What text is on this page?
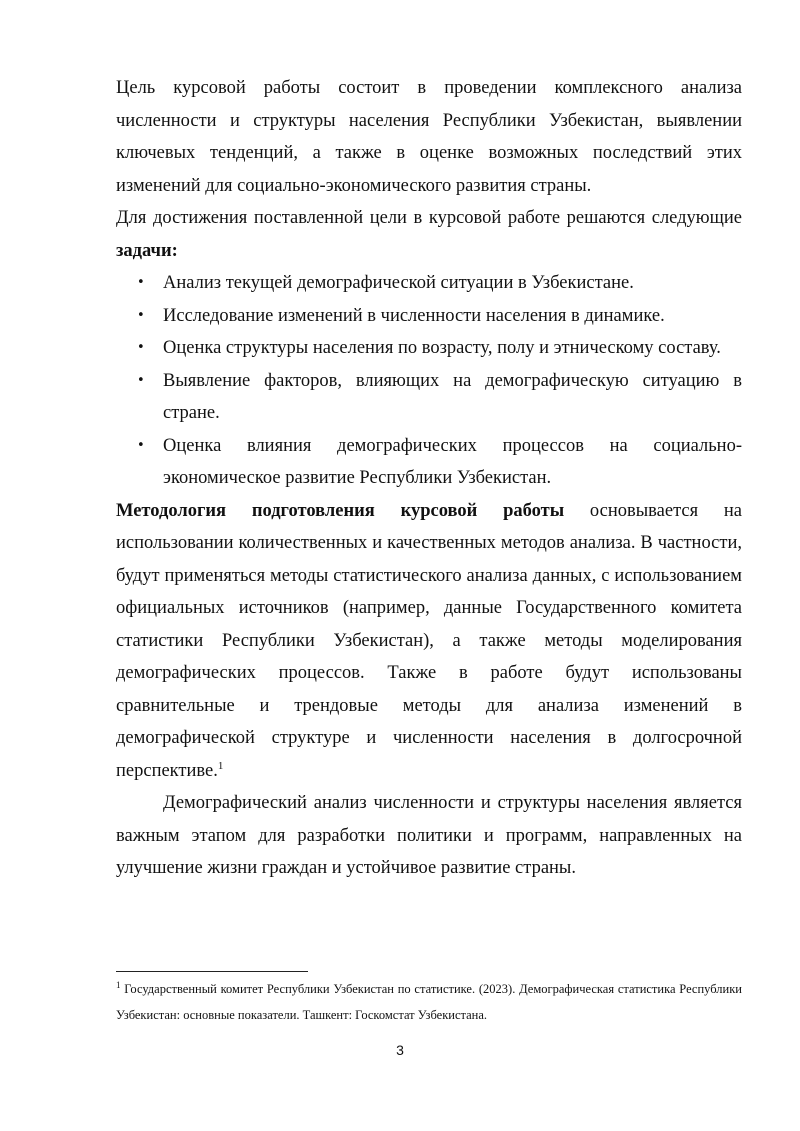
Цель курсовой работы состоит в проведении комплексного анализа численности и структуры населения Республики Узбекистан, выявлении ключевых тенденций, а также в оценке возможных последствий этих изменений для социально-экономического развития страны.

Для достижения поставленной цели в курсовой работе решаются следующие задачи:

• Анализ текущей демографической ситуации в Узбекистане.
• Исследование изменений в численности населения в динамике.
• Оценка структуры населения по возрасту, полу и этническому составу.
• Выявление факторов, влияющих на демографическую ситуацию в стране.
• Оценка влияния демографических процессов на социально-экономическое развитие Республики Узбекистан.

Методология подготовления курсовой работы основывается на использовании количественных и качественных методов анализа. В частности, будут применяться методы статистического анализа данных, с использованием официальных источников (например, данные Государственного комитета статистики Республики Узбекистан), а также методы моделирования демографических процессов. Также в работе будут использованы сравнительные и трендовые методы для анализа изменений в демографической структуре и численности населения в долгосрочной перспективе.$^1$

Демографический анализ численности и структуры населения является важным этапом для разработки политики и программ, направленных на улучшение жизни граждан и устойчивое развитие страны.

$^1$ Государственный комитет Республики Узбекистан по статистике. (2023). Демографическая статистика Республики Узбекистан: основные показатели. Ташкент: Госкомстат Узбекистана.
3
